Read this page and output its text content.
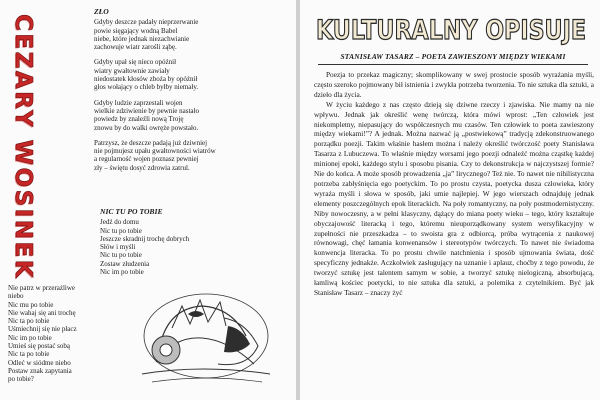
CEZARY WOSINEK
ZŁO
Gdyby deszcze padały nieprzerwanie
powie sięgający wodną Babel
niebe, które jednak niezachwianie
zachowuje wiatr zarośli ząbę.
Gdyby upał się nieco opóźnił
wiatry gwałtownie zawiały
niedostatek kłosów zboża by opóźnił
głos wołający o chleb byłby niemały.
Gdyby ludzie zaprzestali wojen
wielkie zdziwienie by pewnie nastało
powiedz by znaleźli nową Troję
znowu by do walki owręże powstało.
Patrzysz, że deszcze padają już dziwniej
nie pojmujesz upału gwałtowności wiatrów
a regularność wojen poznasz pewniej
zły – świętu dosyć zdrowia zatrul.
NIC TU PO TOBIE
Jedź do domu
Nic tu po tobie
Jeszcze skradnij trochę dobrych
Słów i myśli
Nic tu po tobie
Zostaw złudzenia
Nic im po tobie
Nie patrz w przerażliwe
niebo
Nic mu po tobie
Nie wahaj się ani trochę
Nic ta po tobie
Uśmiechnij się nie płacz
Nic im po tobie
Umieś się postać sobą
Nic ta po tobie
Odleć w siódme niebo
Postaw znak zapytania
po tobie?
KULTURALNY OPISUJE
STANISŁAW TASARZ – POETA ZAWIESZONY MIĘDZY WIEKAMI

Poezja to przekaz magiczny; skomplikowany w swej prostocie sposób wyrażania myśli, często szeroko pojmowany bił istnienia i zwykła potrzeba tworzenia. To nie sztuka dla sztuki, a dzieło dla życia.

W życiu każdego z nas często dzieją się dziwne rzeczy i zjawiska. Nie mamy na nie wpływu. Jednak jak określić wenę twórczą, która mówi wprost: „Ten człowiek jest niekompletny, niepasujący do współczesnych mu czasów. Ten człowiek to poeta zawieszony między wiekami!”? A jednak. Można nazwać ją „postwiekową” tradycją zdekonstruowanego porządku poezji. Takim właśnie hasłem można i należy określić twórczość poety Stanisława Tasarza z Lubuczewa. To właśnie między wersami jego poezji odnaleźć można cząstkę każdej minionej epoki, każdego stylu i sposobu pisania. Czy to dekonstrukcja w najczystszej formie? Nie do końca. A może sposób prowadzenia „ja” lirycznego? Też nie. To nawet nie nihilistyczna potrzeba zabłyśnięcia ego poetyckim. To po prostu czysta, poetycka dusza człowieka, który wyraża myśli i słowa w sposób, jaki umie najlepiej. W jego wierszach odnajduję jednak elementy poszczególnych epok literackich. Na poły romantyczny, na poły postmodernistyczny. Niby nowoczesny, a w pełni klasyczny, dążący do miana poety wieku – tego, który kształtuje obyczajowość literacką i tego, któremu nieuporządkowany system wersyfikacyjny w zupełności nie przeszkadza – to swoista gra z odbiorcą, próba wytrącenia z naukowej równowagi, chęć łamania konwenansów i stereotypów twórczych. To nawet nie świadoma konwencja literacka. To po prostu chwile natchnienia i sposób ujmowania świata, dość specyficzny jednakże. Aczkolwiek zasługujący na uznanie i aplauz, choćby z tego powodu, że tworzyć sztukę jest talentem samym w sobie, a tworzyć sztukę nielogiczną, absorbującą, łamliwą kościec poetycki, to nie sztuka dla sztuki, a polemika z czytelnikiem. Być jak Stanisław Tasarz – znaczy żyć
